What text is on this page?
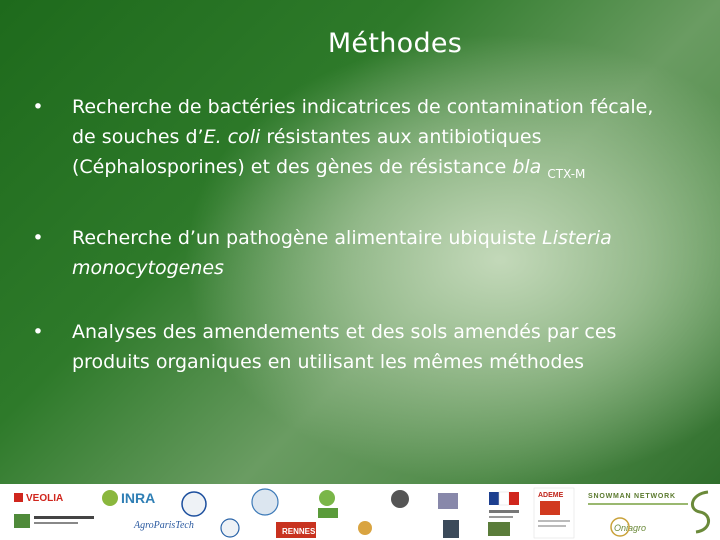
Méthodes
• Recherche de bactéries indicatrices de contamination fécale, de souches d’E. coli résistantes aux antibiotiques (Céphalosporines) et des gènes de résistance bla $_{CTX-M}$
• Recherche d’un pathogène alimentaire ubiquiste Listeria monocytogenes
• Analyses des amendements et des sols amendés par ces produits organiques en utilisant les mêmes méthodes
VEOLIA	INRA
AgroParisTech
RENNES
ADEME	SNOWMAN NETWORK
Oniagro
